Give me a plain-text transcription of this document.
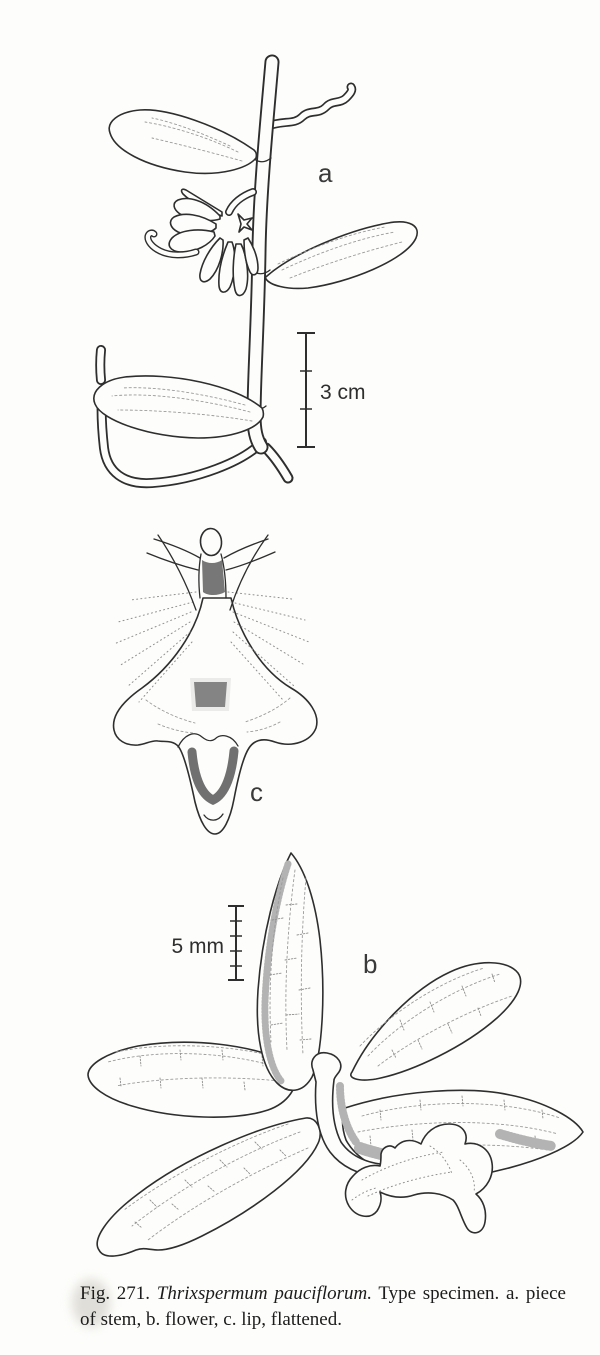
3 cm
a
c
5 mm
b
Fig. 271. Thrixspermum pauciflorum. Type specimen. a. piece of stem, b. flower, c. lip, flattened.
